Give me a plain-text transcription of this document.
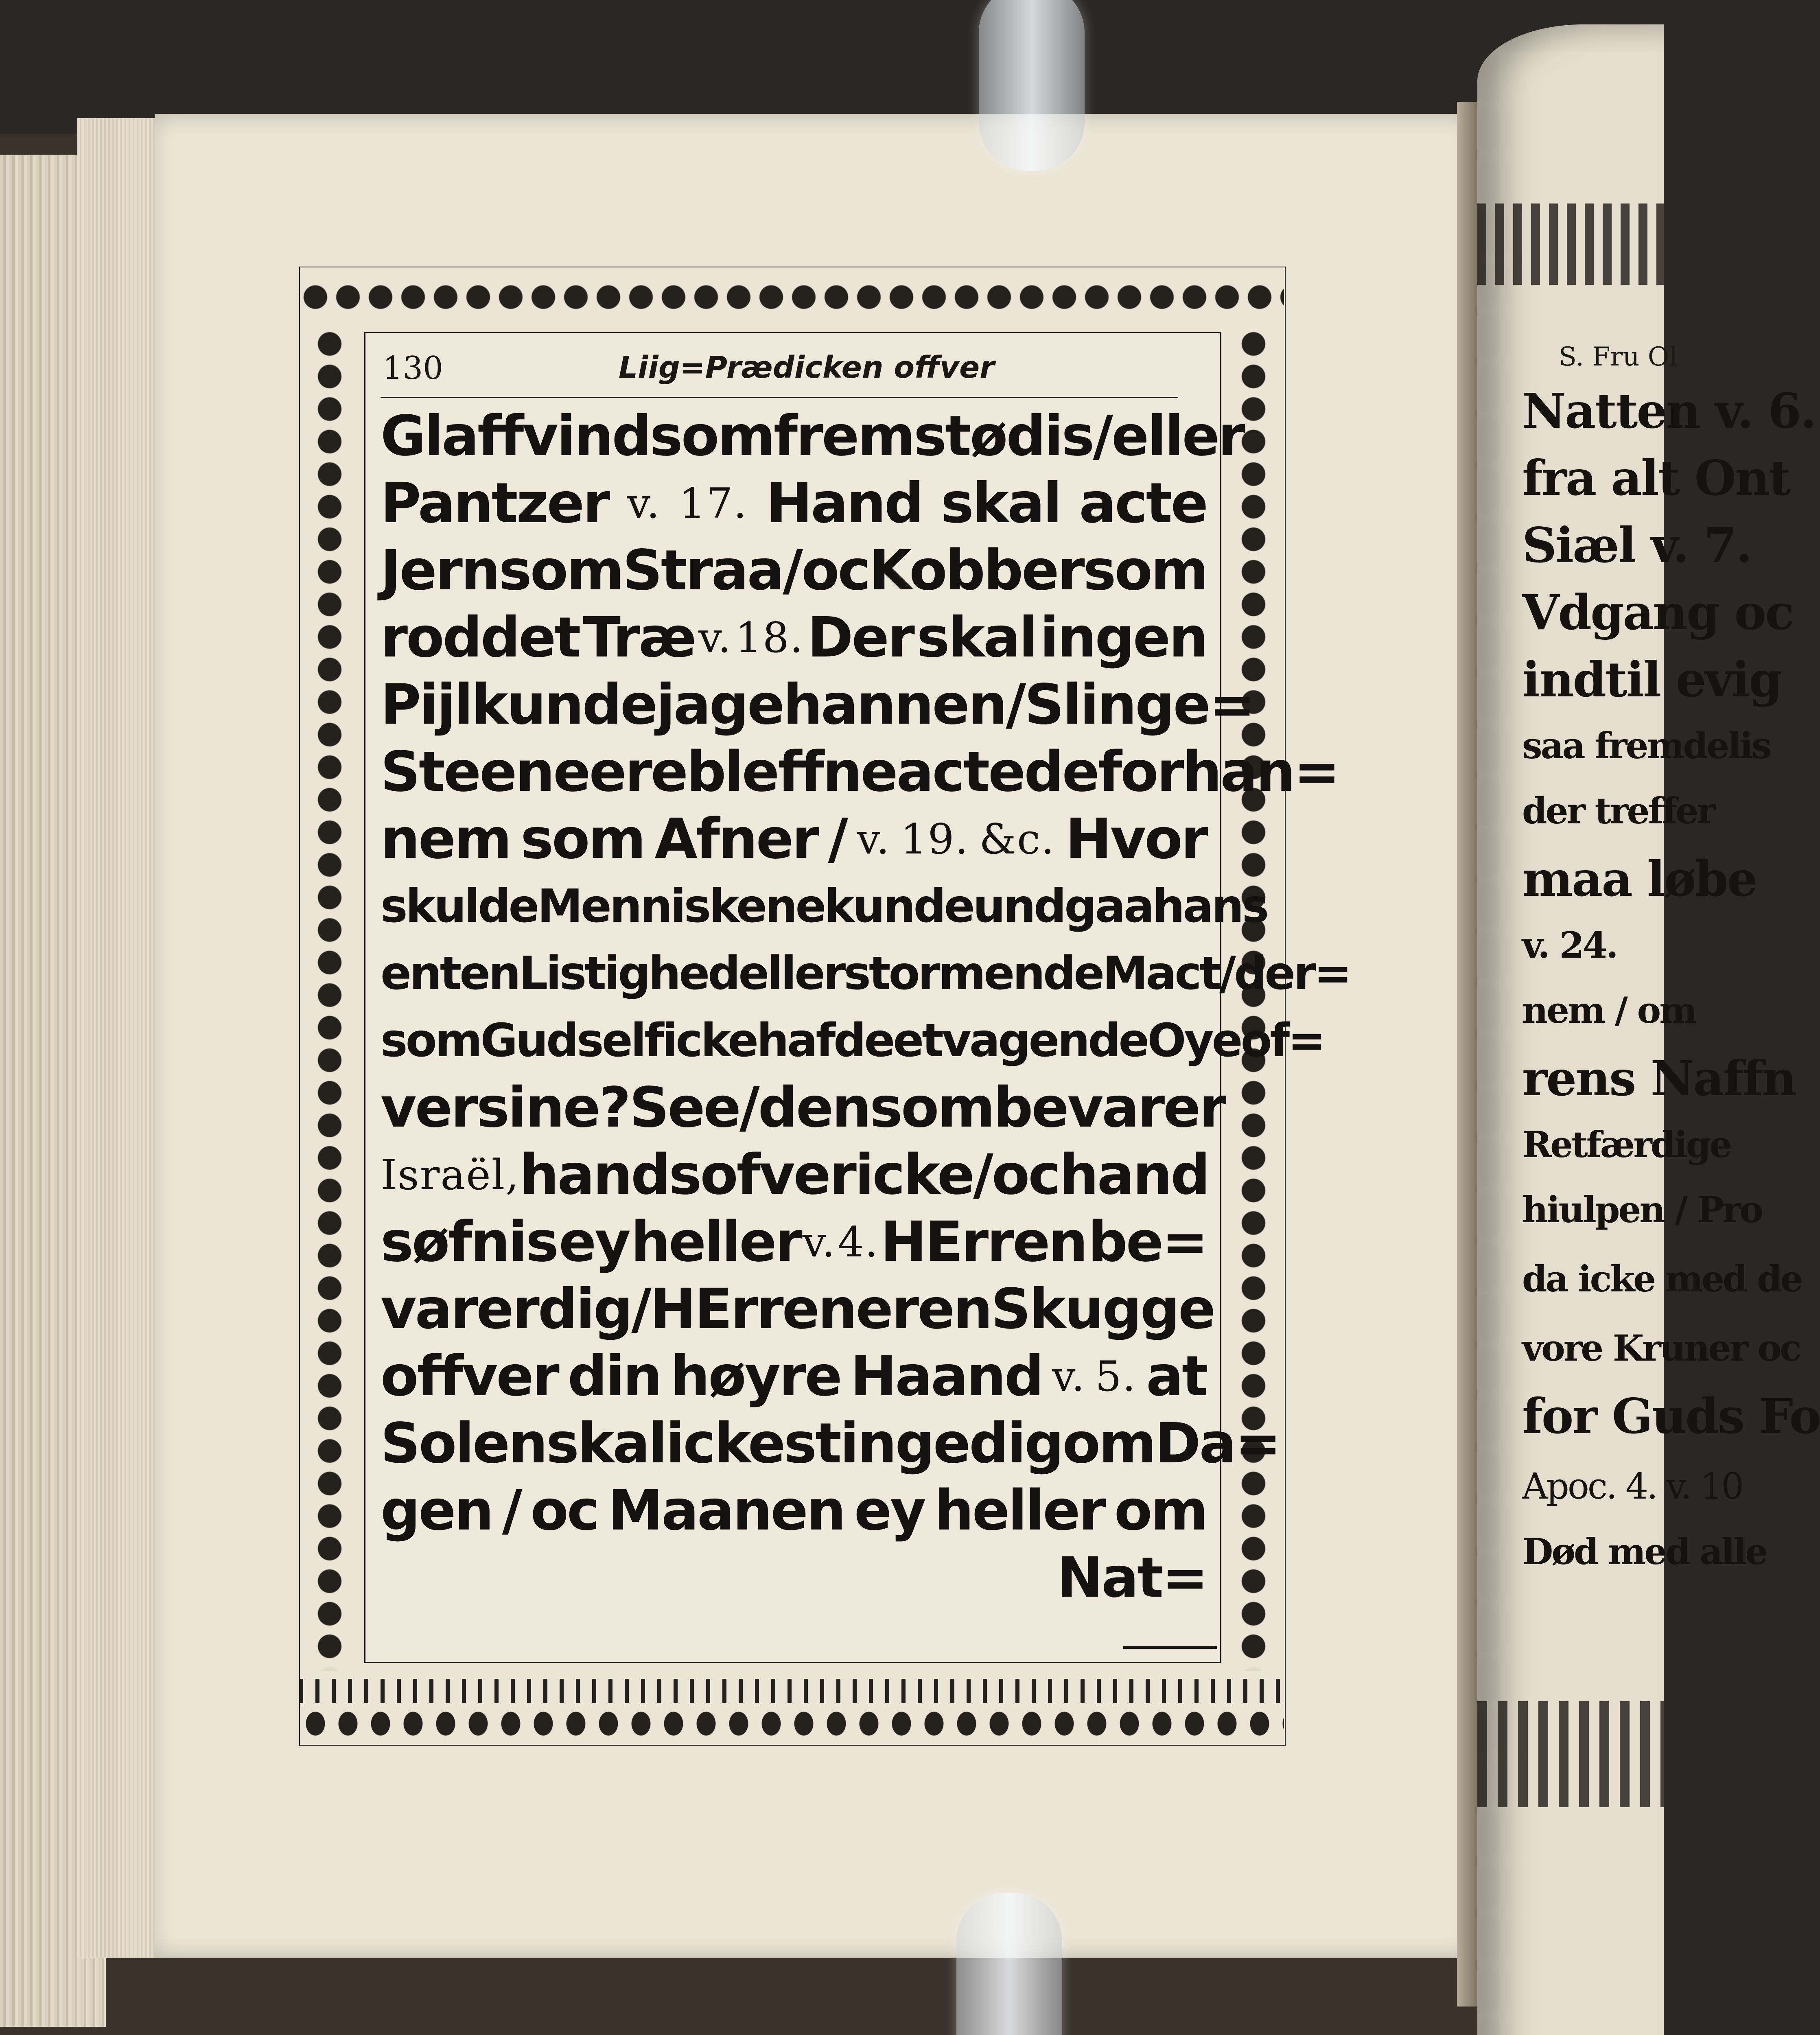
S. Fru Ol
Natten v. 6.
fra alt Ont
Siæl v. 7.
Vdgang oc
indtil evig
saa fremdelis
der treffer
maa løbe
v. 24.
nem / om
rens Naffn
Retfærdige
hiulpen / Pro
da icke med de
vore Kruner oc
for Guds Fo
Apoc. 4. v. 10
Død med alle
130	Liig=Prædicken offver
Glaffvind som fremstødis / eller
Pantzer v. 17. Hand skal acte
Jern som Straa / oc Kobber som
roddet Træ v. 18. Der skal ingen
Pijl kunde jage hannen / Slinge=
Steene ere bleffne actede for han=
nem som Afner / v. 19. &c. Hvor
skulde Menniskene kunde undgaa hans
enten Listighed eller stormende Mact / der=
som Gud self icke hafde et vagende Oye of=
ver sine ? See / den som bevarer
Israël, hand sofver icke / oc hand
søfnis ey heller v. 4. HErren be=
varer dig / HErren er en Skugge
offver din høyre Haand v. 5. at
Solen skal icke stinge dig om Da=
gen / oc Maanen ey heller om
Nat=
